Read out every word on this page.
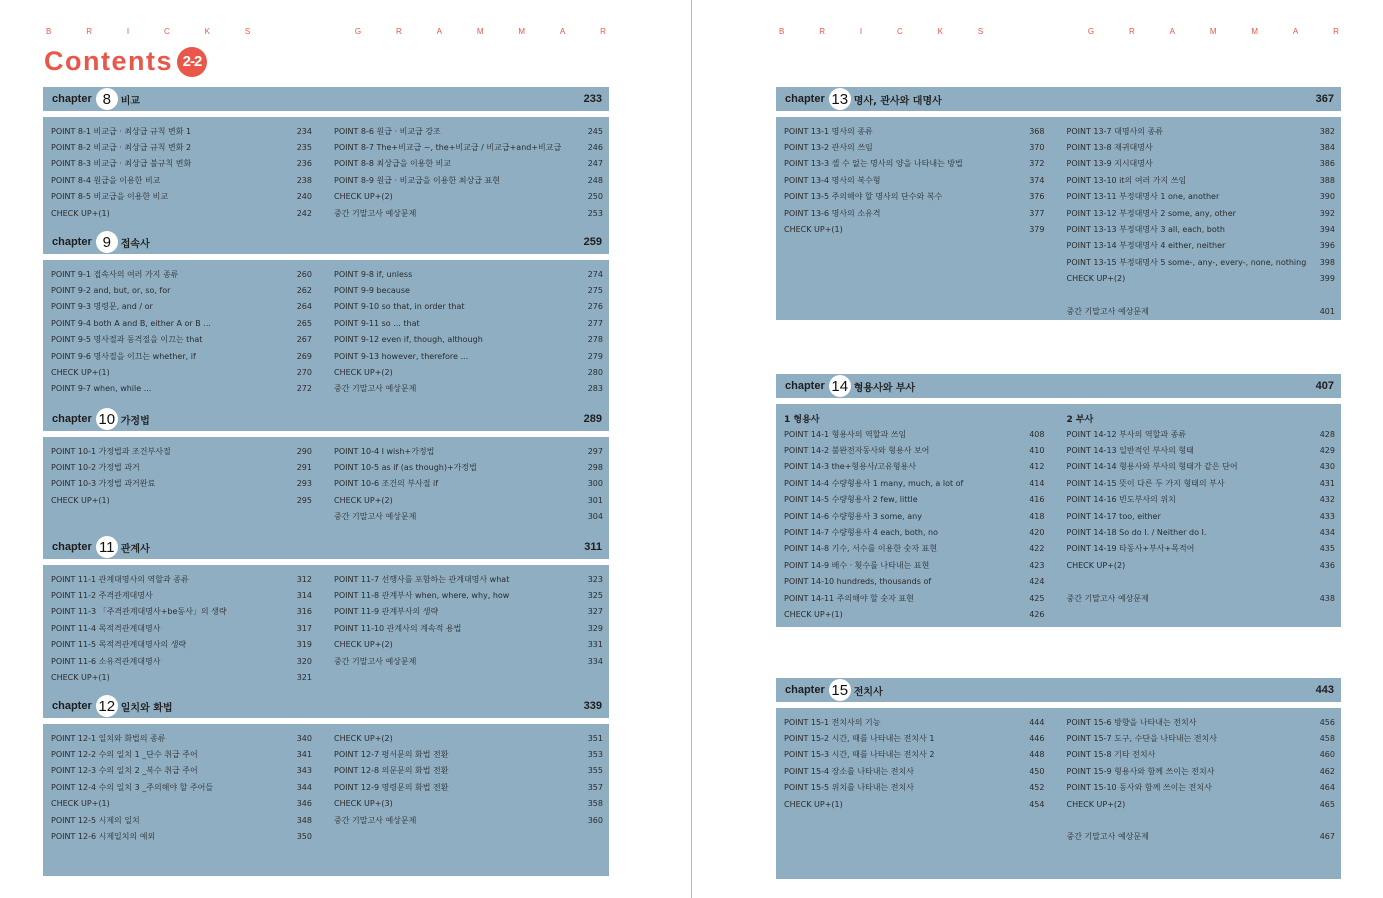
B	R	I	C	K	S	G	R	A	M	M	A	R	B	R	I	C	K	S	G	R	A	M	M	A	R
Contents 2-2
chapter 8 비교	233
POINT 8-1 비교급 · 최상급 규칙 변화 1	234
POINT 8-2 비교급 · 최상급 규칙 변화 2	235
POINT 8-3 비교급 · 최상급 불규칙 변화	236
POINT 8-4 원급을 이용한 비교	238
POINT 8-5 비교급을 이용한 비교	240
CHECK UP+(1)	242
POINT 8-6 원급 · 비교급 강조	245
POINT 8-7 The+비교급 ~, the+비교급 / 비교급+and+비교급	246
POINT 8-8 최상급을 이용한 비교	247
POINT 8-9 원급 · 비교급을 이용한 최상급 표현	248
CHECK UP+(2)	250
중간 기말고사 예상문제	253
chapter 9 접속사	259
POINT 9-1 접속사의 여러 가지 종류	260
POINT 9-2 and, but, or, so, for	262
POINT 9-3 명령문, and / or	264
POINT 9-4 both A and B, either A or B ...	265
POINT 9-5 명사절과 동격절을 이끄는 that	267
POINT 9-6 명사절을 이끄는 whether, if	269
CHECK UP+(1)	270
POINT 9-7 when, while ...	272
POINT 9-8 if, unless	274
POINT 9-9 because	275
POINT 9-10 so that, in order that	276
POINT 9-11 so ... that	277
POINT 9-12 even if, though, although	278
POINT 9-13 however, therefore ...	279
CHECK UP+(2)	280
중간 기말고사 예상문제	283
chapter 10 가정법	289
POINT 10-1 가정법과 조건부사절	290
POINT 10-2 가정법 과거	291
POINT 10-3 가정법 과거완료	293
CHECK UP+(1)	295
POINT 10-4 I wish+가정법	297
POINT 10-5 as if (as though)+가정법	298
POINT 10-6 조건의 부사절 if	300
CHECK UP+(2)	301
중간 기말고사 예상문제	304
chapter 11 관계사	311
POINT 11-1 관계대명사의 역할과 종류	312
POINT 11-2 주격관계대명사	314
POINT 11-3 「주격관계대명사+be동사」의 생략	316
POINT 11-4 목적격관계대명사	317
POINT 11-5 목적격관계대명사의 생략	319
POINT 11-6 소유격관계대명사	320
CHECK UP+(1)	321
POINT 11-7 선행사를 포함하는 관계대명사 what	323
POINT 11-8 관계부사 when, where, why, how	325
POINT 11-9 관계부사의 생략	327
POINT 11-10 관계사의 계속적 용법	329
CHECK UP+(2)	331
중간 기말고사 예상문제	334
chapter 12 일치와 화법	339
POINT 12-1 일치와 화법의 종류	340
POINT 12-2 수의 일치 1 _단수 취급 주어	341
POINT 12-3 수의 일치 2 _복수 취급 주어	343
POINT 12-4 수의 일치 3 _주의해야 할 주어들	344
CHECK UP+(1)	346
POINT 12-5 시제의 일치	348
POINT 12-6 시제일치의 예외	350
CHECK UP+(2)	351
POINT 12-7 평서문의 화법 전환	353
POINT 12-8 의문문의 화법 전환	355
POINT 12-9 명령문의 화법 전환	357
CHECK UP+(3)	358
중간 기말고사 예상문제	360
chapter 13 명사, 관사와 대명사	367
POINT 13-1 명사의 종류	368
POINT 13-2 관사의 쓰임	370
POINT 13-3 셀 수 없는 명사의 양을 나타내는 방법	372
POINT 13-4 명사의 복수형	374
POINT 13-5 주의해야 할 명사의 단수와 복수	376
POINT 13-6 명사의 소유격	377
CHECK UP+(1)	379
POINT 13-7 대명사의 종류	382
POINT 13-8 재귀대명사	384
POINT 13-9 지시대명사	386
POINT 13-10 it의 여러 가지 쓰임	388
POINT 13-11 부정대명사 1 one, another	390
POINT 13-12 부정대명사 2 some, any, other	392
POINT 13-13 부정대명사 3 all, each, both	394
POINT 13-14 부정대명사 4 either, neither	396
POINT 13-15 부정대명사 5 some-, any-, every-, none, nothing	398
CHECK UP+(2)	399
중간 기말고사 예상문제	401
chapter 14 형용사와 부사	407
1 형용사
POINT 14-1 형용사의 역할과 쓰임	408
POINT 14-2 불완전자동사와 형용사 보어	410
POINT 14-3 the+형용사/고유형용사	412
POINT 14-4 수량형용사 1 many, much, a lot of	414
POINT 14-5 수량형용사 2 few, little	416
POINT 14-6 수량형용사 3 some, any	418
POINT 14-7 수량형용사 4 each, both, no	420
POINT 14-8 기수, 서수를 이용한 숫자 표현	422
POINT 14-9 배수 · 횟수를 나타내는 표현	423
POINT 14-10 hundreds, thousands of	424
POINT 14-11 주의해야 할 숫자 표현	425
CHECK UP+(1)	426
2 부사
POINT 14-12 부사의 역할과 종류	428
POINT 14-13 일반적인 부사의 형태	429
POINT 14-14 형용사와 부사의 형태가 같은 단어	430
POINT 14-15 뜻이 다른 두 가지 형태의 부사	431
POINT 14-16 빈도부사의 위치	432
POINT 14-17 too, either	433
POINT 14-18 So do I. / Neither do I.	434
POINT 14-19 타동사+부사+목적어	435
CHECK UP+(2)	436
중간 기말고사 예상문제	438
chapter 15 전치사	443
POINT 15-1 전치사의 기능	444
POINT 15-2 시간, 때를 나타내는 전치사 1	446
POINT 15-3 시간, 때를 나타내는 전치사 2	448
POINT 15-4 장소를 나타내는 전치사	450
POINT 15-5 위치를 나타내는 전치사	452
CHECK UP+(1)	454
POINT 15-6 방향을 나타내는 전치사	456
POINT 15-7 도구, 수단을 나타내는 전치사	458
POINT 15-8 기타 전치사	460
POINT 15-9 형용사와 함께 쓰이는 전치사	462
POINT 15-10 동사와 함께 쓰이는 전치사	464
CHECK UP+(2)	465
중간 기말고사 예상문제	467
